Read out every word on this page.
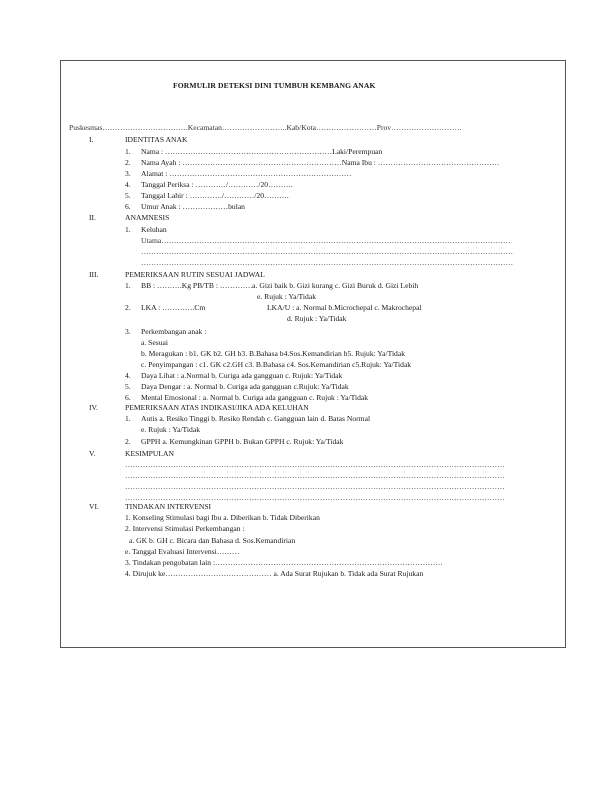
FORMULIR DETEKSI DINI TUMBUH KEMBANG ANAK
Puskesmas…………………………….Kecamatan……………………..Kab/Kota……………………Prov……………………….
I.	IDENTITAS ANAK
1. Nama : …………………………………………………………Laki/Perempuan
2. Nama Ayah : ………………………………………………………Nama Ibu : …………………………………………
3. Alamat : ………………………………………………………………
4. Tanggal Periksa : …………/…………/20……….
5. Tanggal Lahir : …………./…………/20……….
6. Umur Anak : ………………bulan
II.	ANAMNESIS
1. Keluhan
Utama…………………………………………………………………………………………………………………………
…………………………………………………………………………………………………………………………………
…………………………………………………………………………………………………………………………………
III.	PEMERIKSAAN RUTIN SESUAI JADWAL
1. BB : ……….Kg PB/TB : ………….a. Gizi baik b. Gizi kurang c. Gizi Buruk d. Gizi Lebih
e. Rujuk : Ya/Tidak
2. LKA : ………….Cm	LKA/U : a. Normal b.Microchepal c. Makrochepal
d. Rujuk : Ya/Tidak
3. Perkembangan anak :
a. Sesuai
b. Meragukan : b1. GK b2. GH b3. B.Bahasa b4.Sos.Kemandirian b5. Rujuk: Ya/Tidak
c. Penyimpangan : c1. GK c2.GH c3. B.Bahasa c4. Sos.Kemandirian c5.Rujuk: Ya/Tidak
4. Daya Lihat : a.Normal b. Curiga ada gangguan c. Rujuk: Ya/Tidak
5. Daya Dengar : a. Normal b. Curiga ada gangguan c.Rujuk: Ya/Tidak
6. Mental Emosional : a. Normal b. Curiga ada gangguan c. Rujuk : Ya/Tidak
IV.	PEMERIKSAAN ATAS INDIKASI/JIKA ADA KELUHAN
1. Autis a. Resiko Tinggi b. Resiko Rendah c. Gangguan lain d. Batas Normal
e. Rujuk : Ya/Tidak
2. GPPH a. Kemungkinan GPPH b. Bukan GPPH c. Rujuk: Ya/Tidak
V.	KESIMPULAN
……………………………………………………………………………………………………………………………………
……………………………………………………………………………………………………………………………………
……………………………………………………………………………………………………………………………………
……………………………………………………………………………………………………………………………………
VI.	TINDAKAN INTERVENSI
1. Konseling Stimulasi bagi Ibu a. Diberikan b. Tidak Diberikan
2. Intervensi Stimulasi Perkembangan :
a. GK b. GH c. Bicara dan Bahasa d. Sos.Kemandirian
e. Tanggal Evaluasi Intervensi………
3. Tindakan pengobatan lain :………………………………………………………………………………
4. Dirujuk ke…………………………………… a. Ada Surat Rujukan b. Tidak ada Surat Rujukan
